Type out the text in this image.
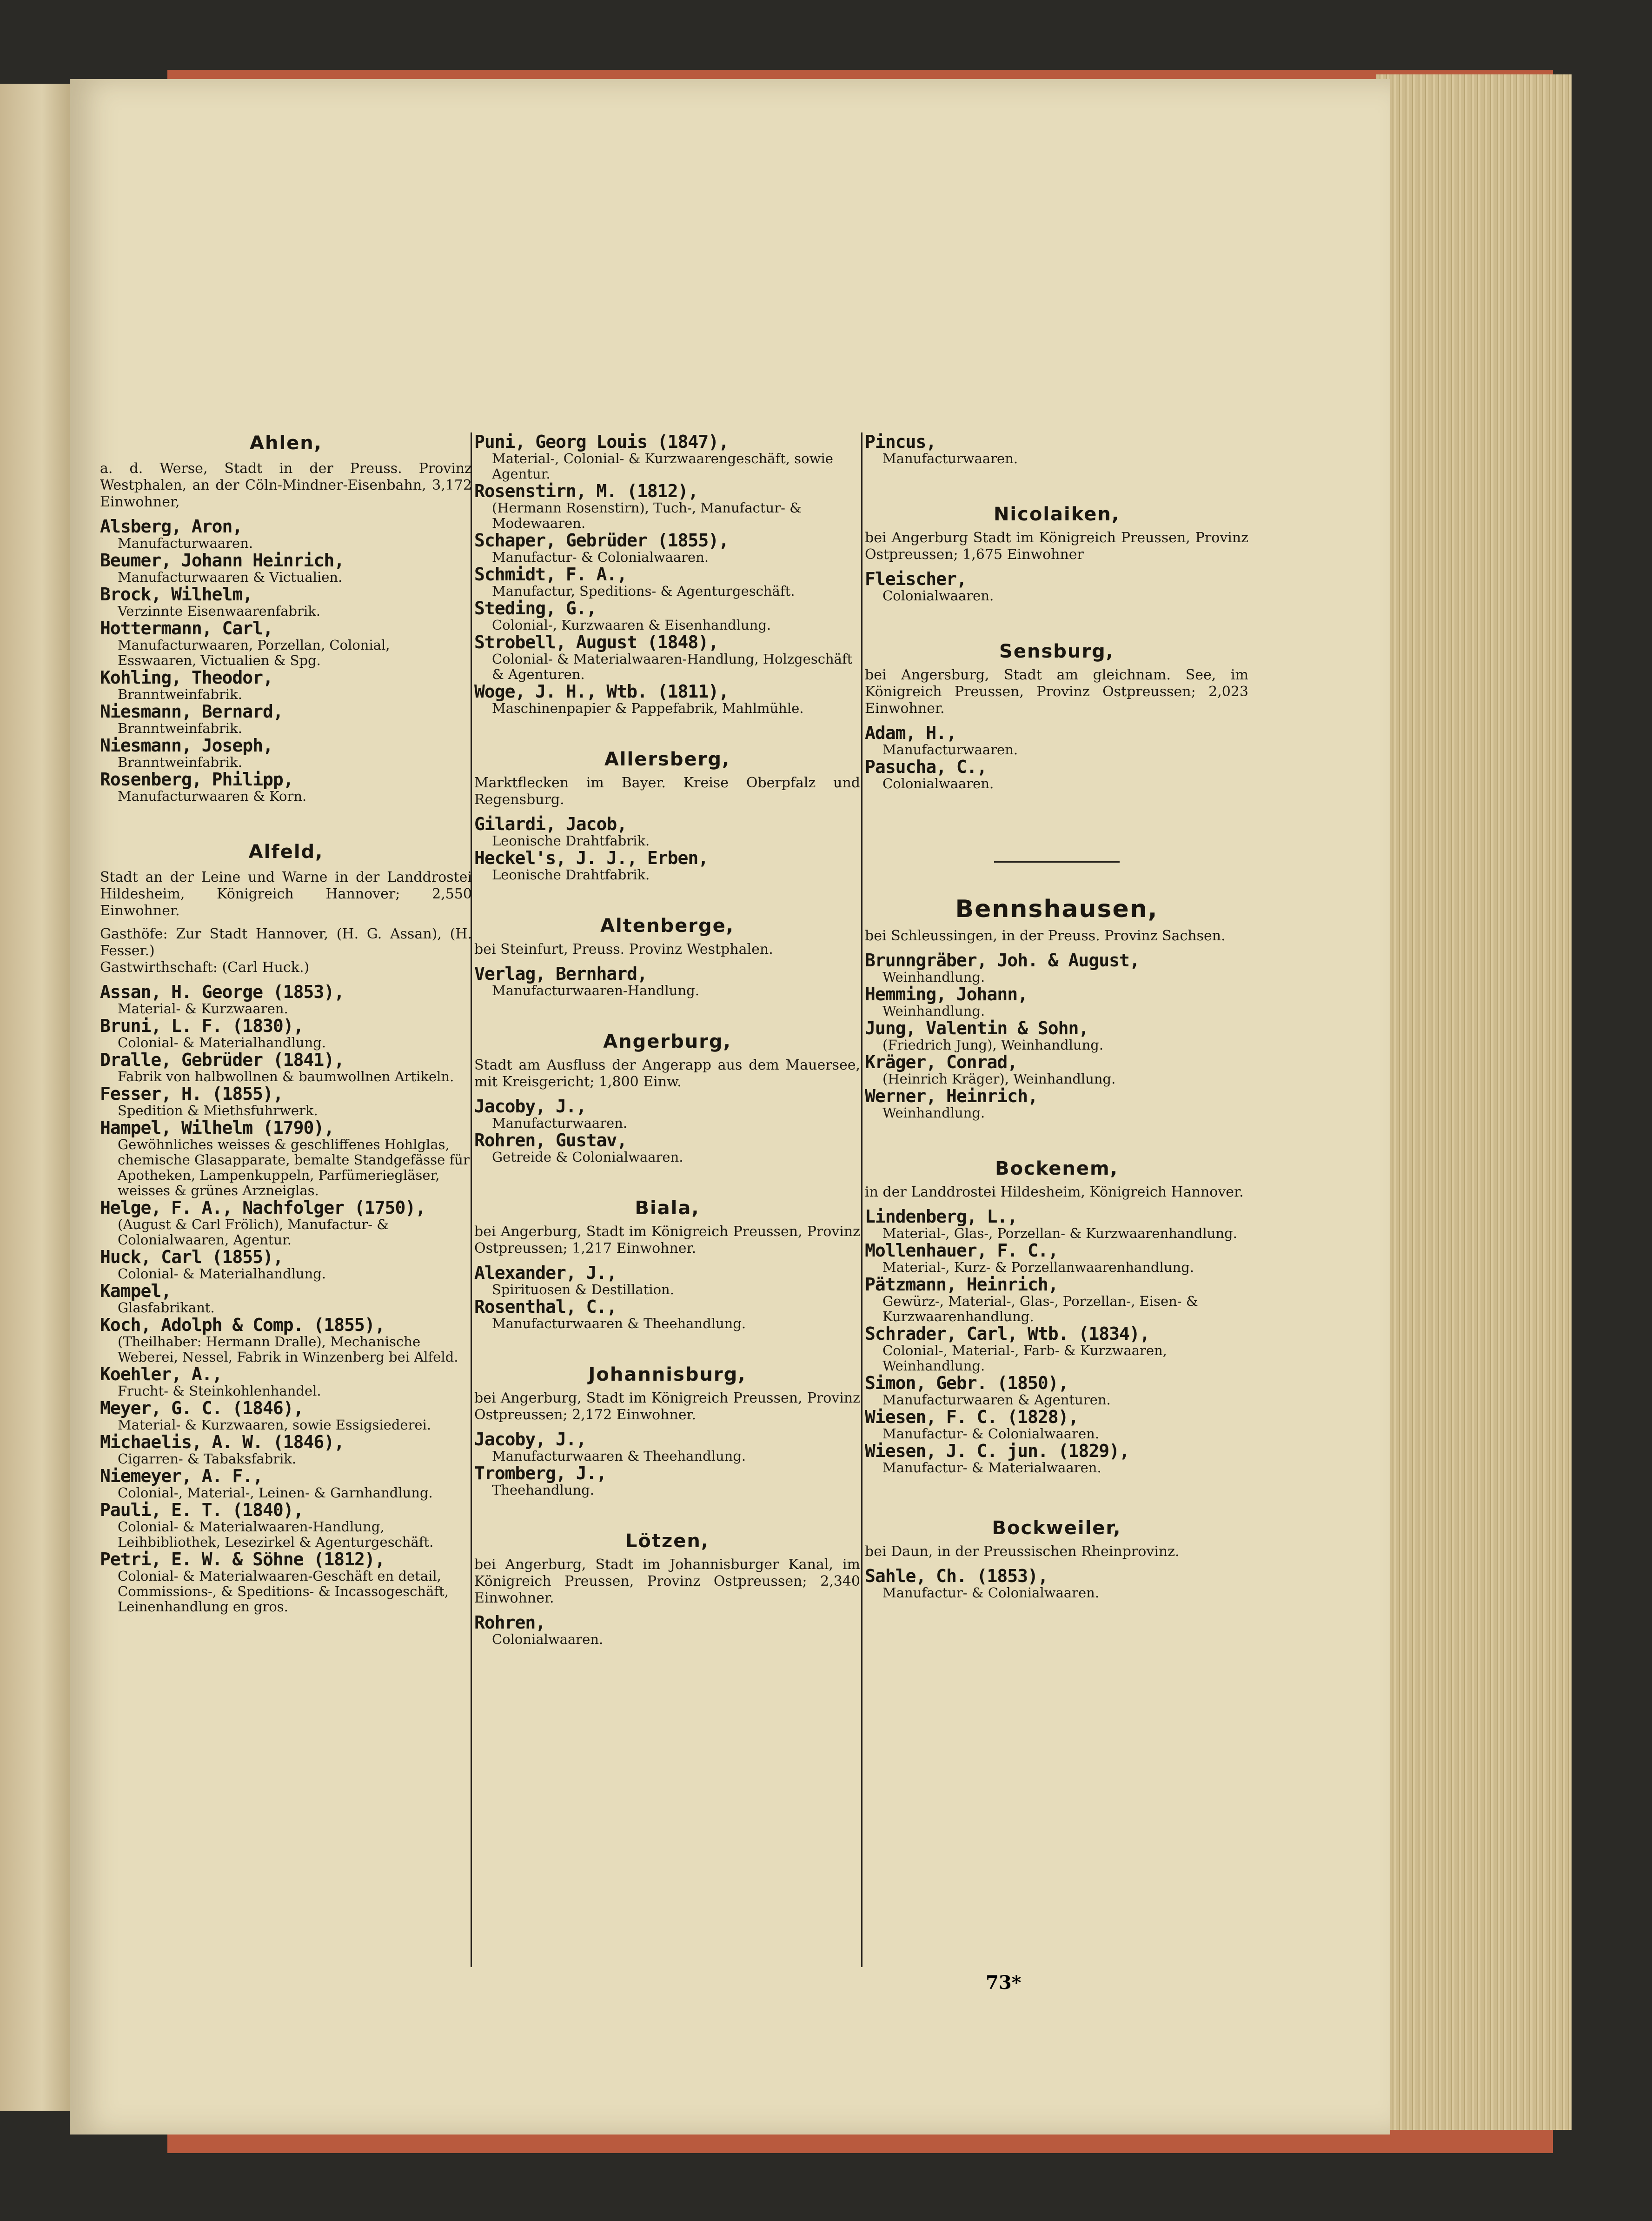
Ahlen,

a. d. Werse, Stadt in der Preuss. Provinz Westphalen, an der Cöln-Mindner-Eisenbahn, 3,172 Einwohner,

Alsberg, Aron,

Manufacturwaaren.

Beumer, Johann Heinrich,

Manufacturwaaren & Victualien.

Brock, Wilhelm,

Verzinnte Eisenwaarenfabrik.

Hottermann, Carl,

Manufacturwaaren, Porzellan, Colonial, Esswaaren, Victualien & Spg.

Kohling, Theodor,

Branntweinfabrik.

Niesmann, Bernard,

Branntweinfabrik.

Niesmann, Joseph,

Branntweinfabrik.

Rosenberg, Philipp,

Manufacturwaaren & Korn.

Alfeld,

Stadt an der Leine und Warne in der Landdrostei Hildesheim, Königreich Hannover; 2,550 Einwohner.

Gasthöfe: Zur Stadt Hannover, (H. G. Assan), (H. Fesser.)

Gastwirthschaft: (Carl Huck.)

Assan, H. George (1853),

Material- & Kurzwaaren.

Bruni, L. F. (1830),

Colonial- & Materialhandlung.

Dralle, Gebrüder (1841),

Fabrik von halbwollnen & baumwollnen Artikeln.

Fesser, H. (1855),

Spedition & Miethsfuhrwerk.

Hampel, Wilhelm (1790),

Gewöhnliches weisses & geschliffenes Hohlglas, chemische Glasapparate, bemalte Standgefässe für Apotheken, Lampenkuppeln, Parfümeriegläser, weisses & grünes Arzneiglas.

Helge, F. A., Nachfolger (1750),

(August & Carl Frölich), Manufactur- & Colonialwaaren, Agentur.

Huck, Carl (1855),

Colonial- & Materialhandlung.

Kampel,

Glasfabrikant.

Koch, Adolph & Comp. (1855),

(Theilhaber: Hermann Dralle), Mechanische Weberei, Nessel, Fabrik in Winzenberg bei Alfeld.

Koehler, A.,

Frucht- & Steinkohlenhandel.

Meyer, G. C. (1846),

Material- & Kurzwaaren, sowie Essigsiederei.

Michaelis, A. W. (1846),

Cigarren- & Tabaksfabrik.

Niemeyer, A. F.,

Colonial-, Material-, Leinen- & Garnhandlung.

Pauli, E. T. (1840),

Colonial- & Materialwaaren-Handlung, Leihbibliothek, Lesezirkel & Agenturgeschäft.

Petri, E. W. & Söhne (1812),

Colonial- & Materialwaaren-Geschäft en detail, Commissions-, & Speditions- & Incassogeschäft, Leinenhandlung en gros.

Puni, Georg Louis (1847),

Material-, Colonial- & Kurzwaarengeschäft, sowie Agentur.

Rosenstirn, M. (1812),

(Hermann Rosenstirn), Tuch-, Manufactur- & Modewaaren.

Schaper, Gebrüder (1855),

Manufactur- & Colonialwaaren.

Schmidt, F. A.,

Manufactur, Speditions- & Agenturgeschäft.

Steding, G.,

Colonial-, Kurzwaaren & Eisenhandlung.

Strobell, August (1848),

Colonial- & Materialwaaren-Handlung, Holzgeschäft & Agenturen.

Woge, J. H., Wtb. (1811),

Maschinenpapier & Pappefabrik, Mahlmühle.

Allersberg,

Marktflecken im Bayer. Kreise Oberpfalz und Regensburg.

Gilardi, Jacob,

Leonische Drahtfabrik.

Heckel's, J. J., Erben,

Leonische Drahtfabrik.

Altenberge,

bei Steinfurt, Preuss. Provinz Westphalen.

Verlag, Bernhard,

Manufacturwaaren-Handlung.

Angerburg,

Stadt am Ausfluss der Angerapp aus dem Mauersee, mit Kreisgericht; 1,800 Einw.

Jacoby, J.,

Manufacturwaaren.

Rohren, Gustav,

Getreide & Colonialwaaren.

Biala,

bei Angerburg, Stadt im Königreich Preussen, Provinz Ostpreussen; 1,217 Einwohner.

Alexander, J.,

Spirituosen & Destillation.

Rosenthal, C.,

Manufacturwaaren & Theehandlung.

Johannisburg,

bei Angerburg, Stadt im Königreich Preussen, Provinz Ostpreussen; 2,172 Einwohner.

Jacoby, J.,

Manufacturwaaren & Theehandlung.

Tromberg, J.,

Theehandlung.

Lötzen,

bei Angerburg, Stadt im Johannisburger Kanal, im Königreich Preussen, Provinz Ostpreussen; 2,340 Einwohner.

Rohren,

Colonialwaaren.

Pincus,

Manufacturwaaren.

Nicolaiken,

bei Angerburg Stadt im Königreich Preussen, Provinz Ostpreussen; 1,675 Einwohner

Fleischer,

Colonialwaaren.

Sensburg,

bei Angersburg, Stadt am gleichnam. See, im Königreich Preussen, Provinz Ostpreussen; 2,023 Einwohner.

Adam, H.,

Manufacturwaaren.

Pasucha, C.,

Colonialwaaren.

Bennshausen,

bei Schleussingen, in der Preuss. Provinz Sachsen.

Brunngräber, Joh. & August,

Weinhandlung.

Hemming, Johann,

Weinhandlung.

Jung, Valentin & Sohn,

(Friedrich Jung), Weinhandlung.

Kräger, Conrad,

(Heinrich Kräger), Weinhandlung.

Werner, Heinrich,

Weinhandlung.

Bockenem,

in der Landdrostei Hildesheim, Königreich Hannover.

Lindenberg, L.,

Material-, Glas-, Porzellan- & Kurzwaarenhandlung.

Mollenhauer, F. C.,

Material-, Kurz- & Porzellanwaarenhandlung.

Pätzmann, Heinrich,

Gewürz-, Material-, Glas-, Porzellan-, Eisen- & Kurzwaarenhandlung.

Schrader, Carl, Wtb. (1834),

Colonial-, Material-, Farb- & Kurzwaaren, Weinhandlung.

Simon, Gebr. (1850),

Manufacturwaaren & Agenturen.

Wiesen, F. C. (1828),

Manufactur- & Colonialwaaren.

Wiesen, J. C. jun. (1829),

Manufactur- & Materialwaaren.

Bockweiler,

bei Daun, in der Preussischen Rheinprovinz.

Sahle, Ch. (1853),

Manufactur- & Colonialwaaren.

73*
